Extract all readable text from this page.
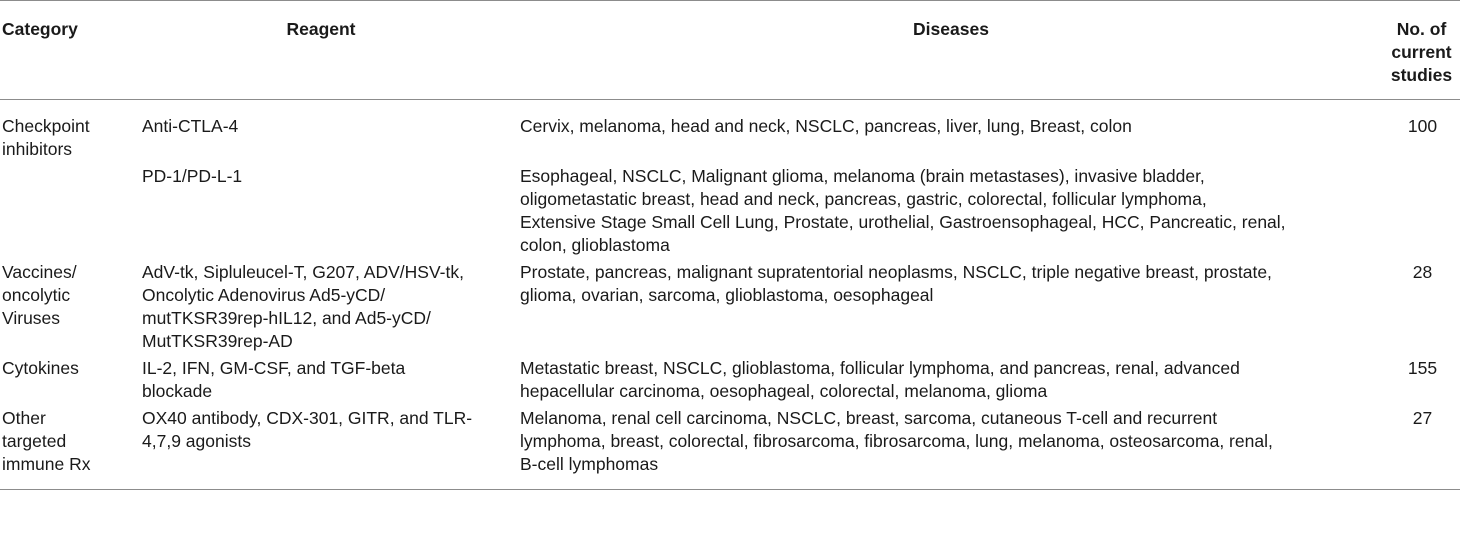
Category	Reagent	Diseases	No. of
current
studies

Checkpoint
inhibitors	Anti-CTLA-4	Cervix, melanoma, head and neck, NSCLC, pancreas, liver, lung, Breast, colon	100

	PD-1/PD-L-1	Esophageal, NSCLC, Malignant glioma, melanoma (brain metastases), invasive bladder,
oligometastatic breast, head and neck, pancreas, gastric, colorectal, follicular lymphoma,
Extensive Stage Small Cell Lung, Prostate, urothelial, Gastroensophageal, HCC, Pancreatic, renal,
colon, glioblastoma	

Vaccines/
oncolytic
Viruses	AdV-tk, Sipluleucel-T, G207, ADV/HSV-tk,
Oncolytic Adenovirus Ad5-yCD/
mutTKSR39rep-hIL12, and Ad5-yCD/
MutTKSR39rep-AD	Prostate, pancreas, malignant supratentorial neoplasms, NSCLC, triple negative breast, prostate,
glioma, ovarian, sarcoma, glioblastoma, oesophageal	28

Cytokines	IL-2, IFN, GM-CSF, and TGF-beta
blockade	Metastatic breast, NSCLC, glioblastoma, follicular lymphoma, and pancreas, renal, advanced
hepacellular carcinoma, oesophageal, colorectal, melanoma, glioma	155

Other
targeted
immune Rx	OX40 antibody, CDX-301, GITR, and TLR-
4,7,9 agonists	Melanoma, renal cell carcinoma, NSCLC, breast, sarcoma, cutaneous T-cell and recurrent
lymphoma, breast, colorectal, fibrosarcoma, fibrosarcoma, lung, melanoma, osteosarcoma, renal,
B-cell lymphomas	27
